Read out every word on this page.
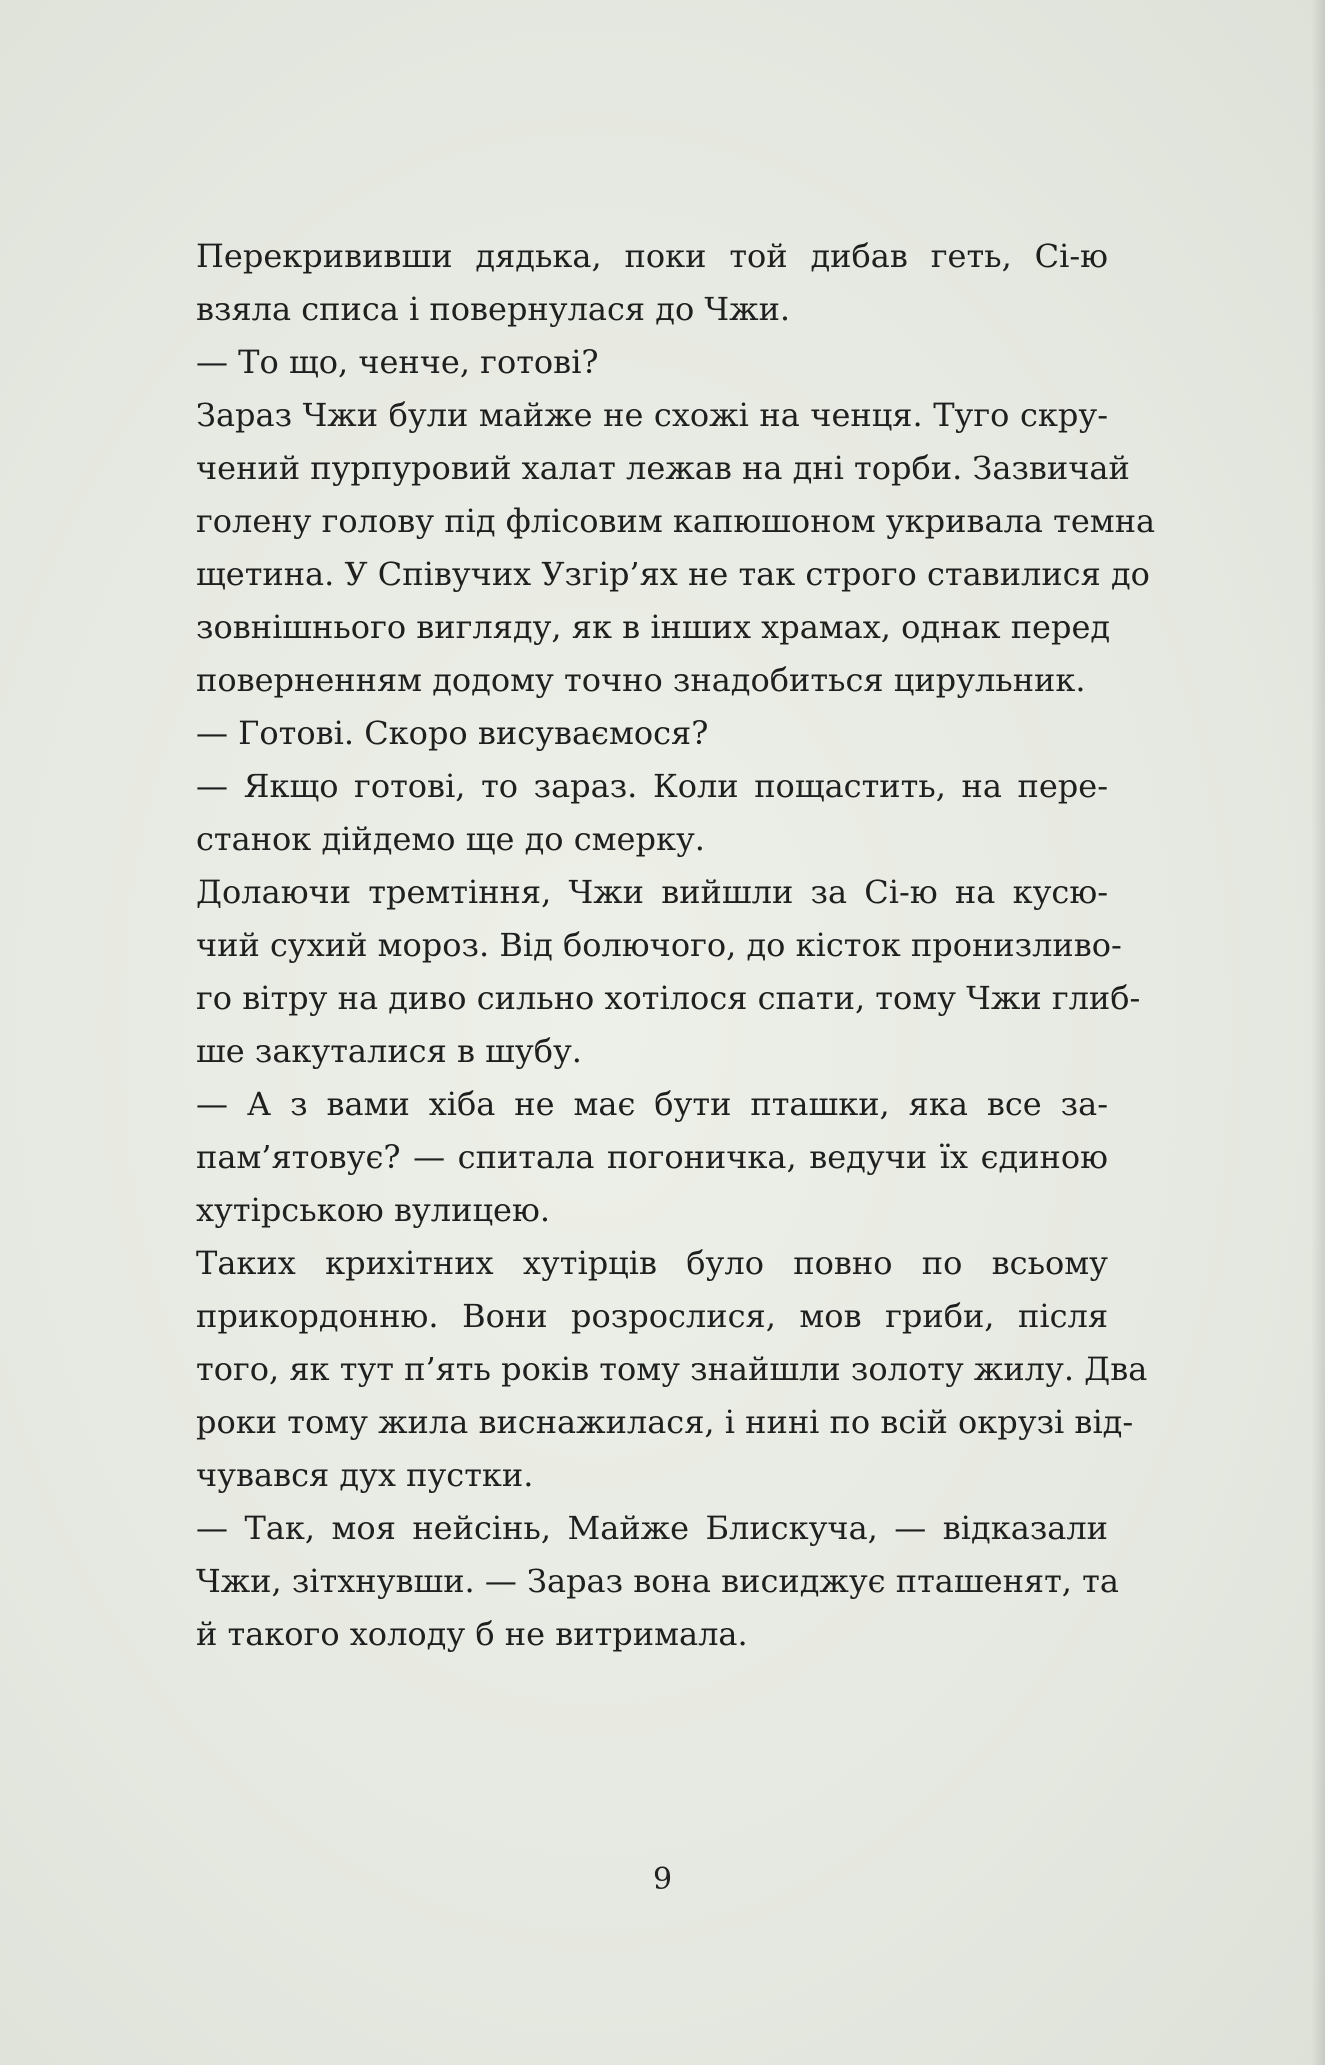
Перекрививши дядька, поки той дибав геть, Сі-ю
взяла списа і повернулася до Чжи.
— То що, ченче, готові?
Зараз Чжи були майже не схожі на ченця. Туго скру-
чений пурпуровий халат лежав на дні торби. Зазвичай
голену голову під флісовим капюшоном укривала темна
щетина. У Співучих Узгір’ях не так строго ставилися до
зовнішнього вигляду, як в інших храмах, однак перед
поверненням додому точно знадобиться цирульник.
— Готові. Скоро висуваємося?
— Якщо готові, то зараз. Коли пощастить, на пере-
станок дійдемо ще до смерку.
Долаючи тремтіння, Чжи вийшли за Сі-ю на кусю-
чий сухий мороз. Від болючого, до кісток пронизливо-
го вітру на диво сильно хотілося спати, тому Чжи глиб-
ше закуталися в шубу.
— А з вами хіба не має бути пташки, яка все за-
пам’ятовує? — спитала погоничка, ведучи їх єдиною
хутірською вулицею.
Таких крихітних хутірців було повно по всьому
прикордонню. Вони розрослися, мов гриби, після
того, як тут п’ять років тому знайшли золоту жилу. Два
роки тому жила виснажилася, і нині по всій окрузі від-
чувався дух пустки.
— Так, моя нейсінь, Майже Блискуча, — відказали
Чжи, зітхнувши. — Зараз вона висиджує пташенят, та
й такого холоду б не витримала.
9
